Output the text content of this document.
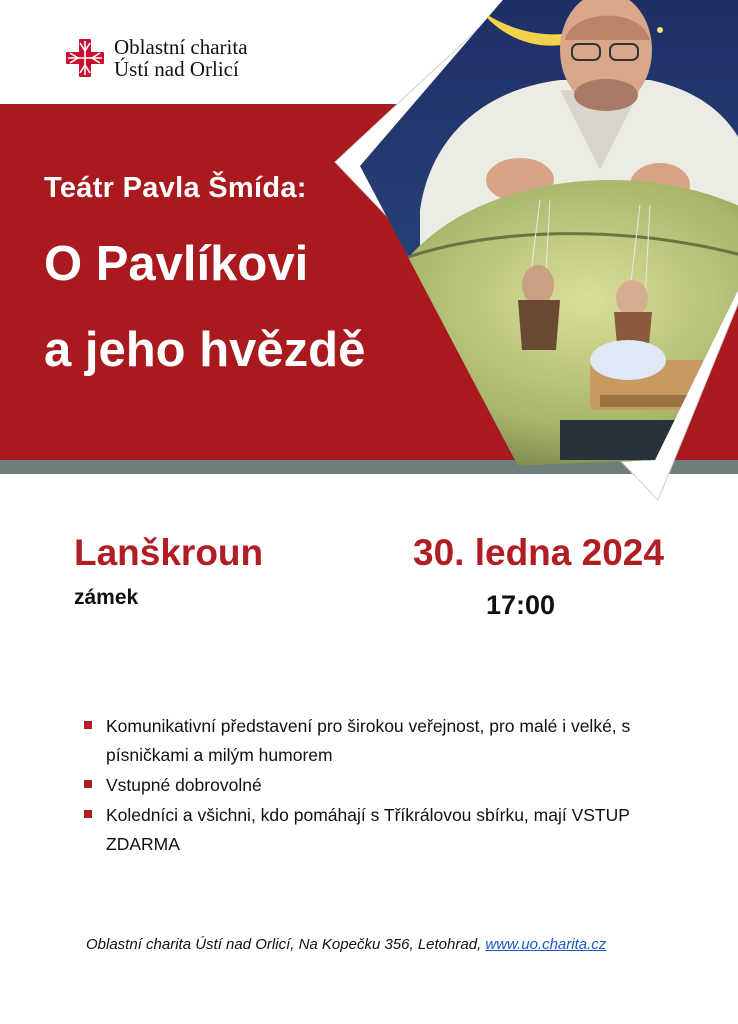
Oblastní charita
Ústí nad Orlicí
Teátr Pavla Šmída:
O Pavlíkovi
a jeho hvězdě
Lanškroun
zámek
30. ledna 2024
17:00
Komunikativní představení pro širokou veřejnost, pro malé i velké, s písničkami a milým humorem
Vstupné dobrovolné
Koledníci a všichni, kdo pomáhají s Tříkrálovou sbírku, mají VSTUP ZDARMA
Oblastní charita Ústí nad Orlicí, Na Kopečku 356, Letohrad, www.uo.charita.cz
